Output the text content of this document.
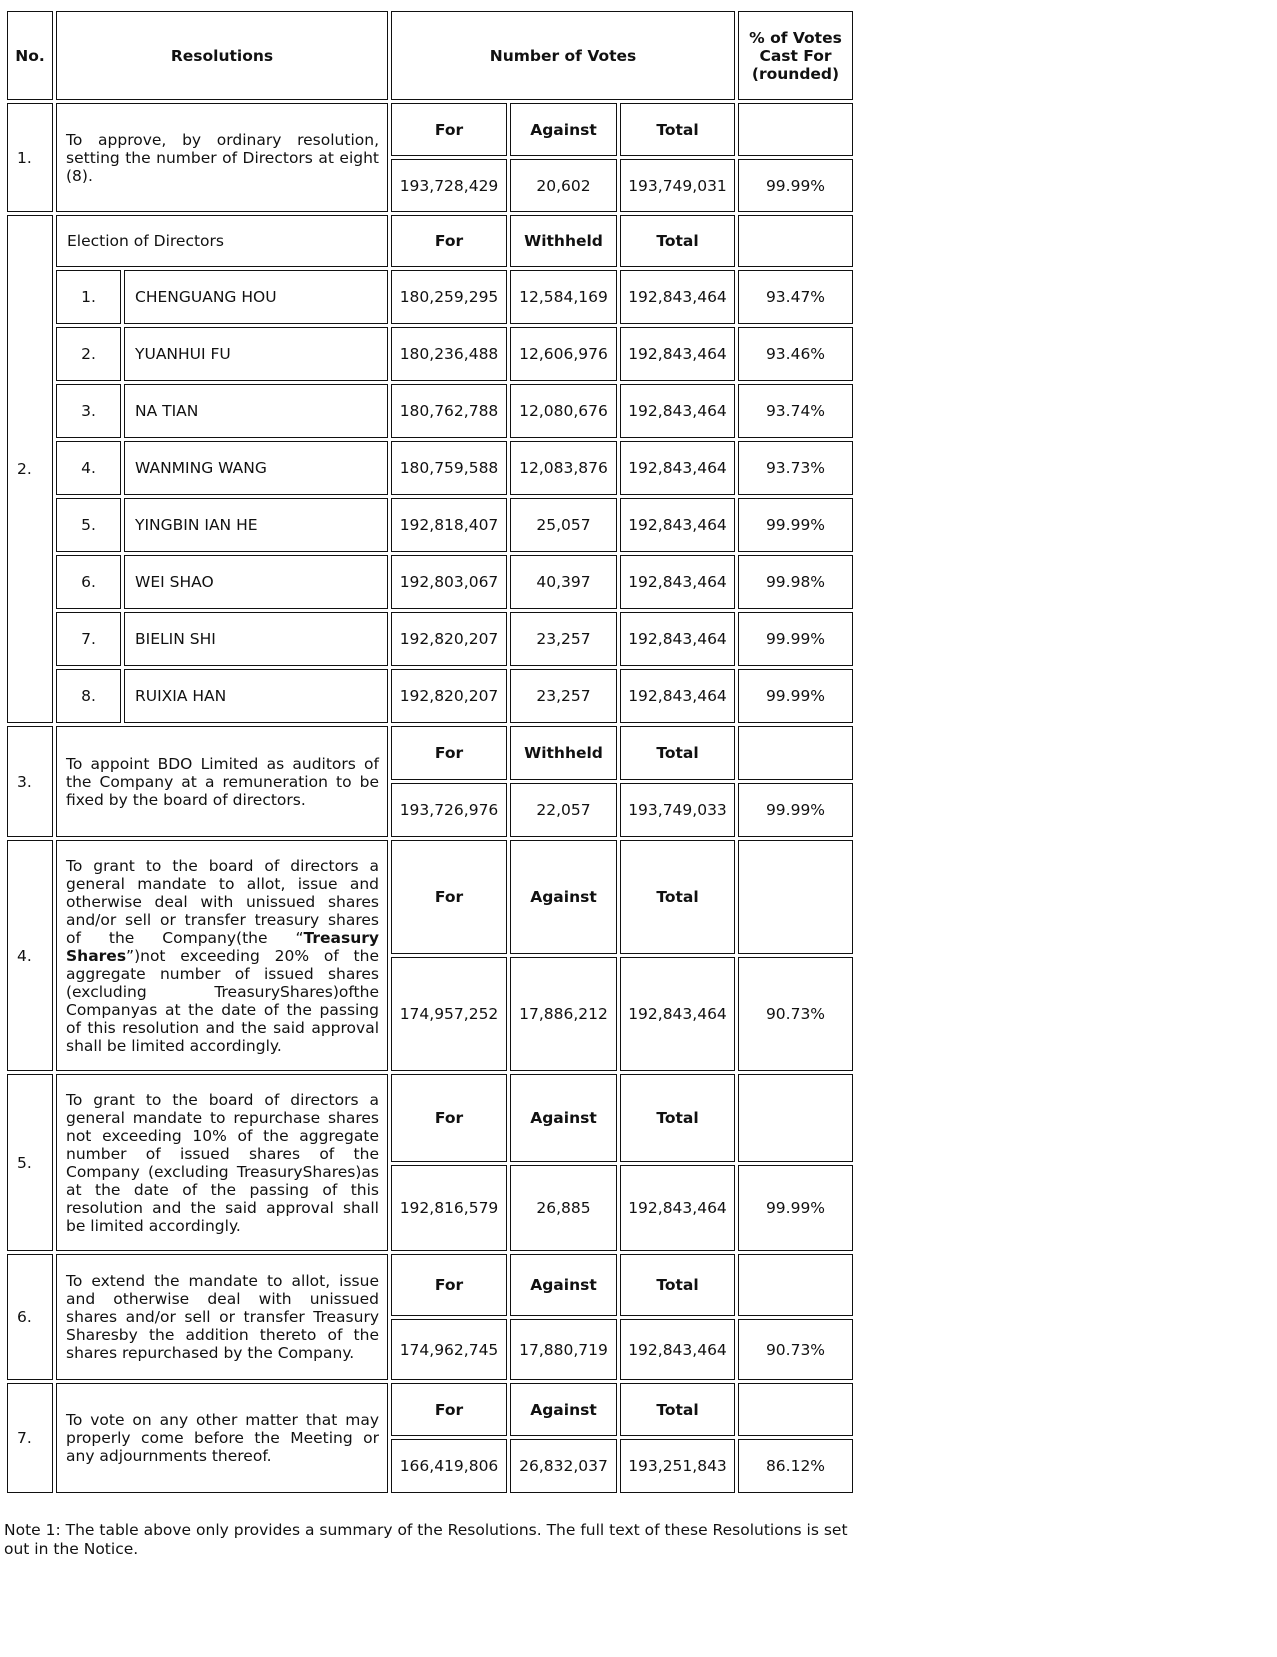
No.	Resolutions		Number of Votes			% of Votes
Cast For
(rounded)

1.	To approve, by ordinary resolution, setting the number of Directors at eight (8).		For	Against	Total	
			193,728,429	20,602	193,749,031	99.99%
2.	Election of Directors		For	Withheld	Total	
	1.	CHENGUANG HOU	180,259,295	12,584,169	192,843,464	93.47%
	2.	YUANHUI FU	180,236,488	12,606,976	192,843,464	93.46%
	3.	NA TIAN	180,762,788	12,080,676	192,843,464	93.74%
	4.	WANMING WANG	180,759,588	12,083,876	192,843,464	93.73%
	5.	YINGBIN IAN HE	192,818,407	25,057	192,843,464	99.99%
	6.	WEI SHAO	192,803,067	40,397	192,843,464	99.98%
	7.	BIELIN SHI	192,820,207	23,257	192,843,464	99.99%
	8.	RUIXIA HAN	192,820,207	23,257	192,843,464	99.99%
3.	To appoint BDO Limited as auditors of the Company at a remuneration to be fixed by the board of directors.		For	Withheld	Total	
			193,726,976	22,057	193,749,033	99.99%
4.	To grant to the board of directors a general mandate to allot, issue and otherwise deal with unissued shares and/or sell or transfer treasury shares of the Company(the “Treasury Shares”)not exceeding 20% of the aggregate number of issued shares (excluding TreasuryShares)ofthe Companyas at the date of the passing of this resolution and the said approval shall be limited accordingly.		For	Against	Total	
			174,957,252	17,886,212	192,843,464	90.73%
5.	To grant to the board of directors a general mandate to repurchase shares not exceeding 10% of the aggregate number of issued shares of the Company (excluding TreasuryShares)as at the date of the passing of this resolution and the said approval shall be limited accordingly.		For	Against	Total	
			192,816,579	26,885	192,843,464	99.99%
6.	To extend the mandate to allot, issue and otherwise deal with unissued shares and/or sell or transfer Treasury Sharesby the addition thereto of the shares repurchased by the Company.		For	Against	Total	
			174,962,745	17,880,719	192,843,464	90.73%
7.	To vote on any other matter that may properly come before the Meeting or any adjournments thereof.		For	Against	Total	
			166,419,806	26,832,037	193,251,843	86.12%
Note 1: The table above only provides a summary of the Resolutions. The full text of these Resolutions is set out in the Notice.
